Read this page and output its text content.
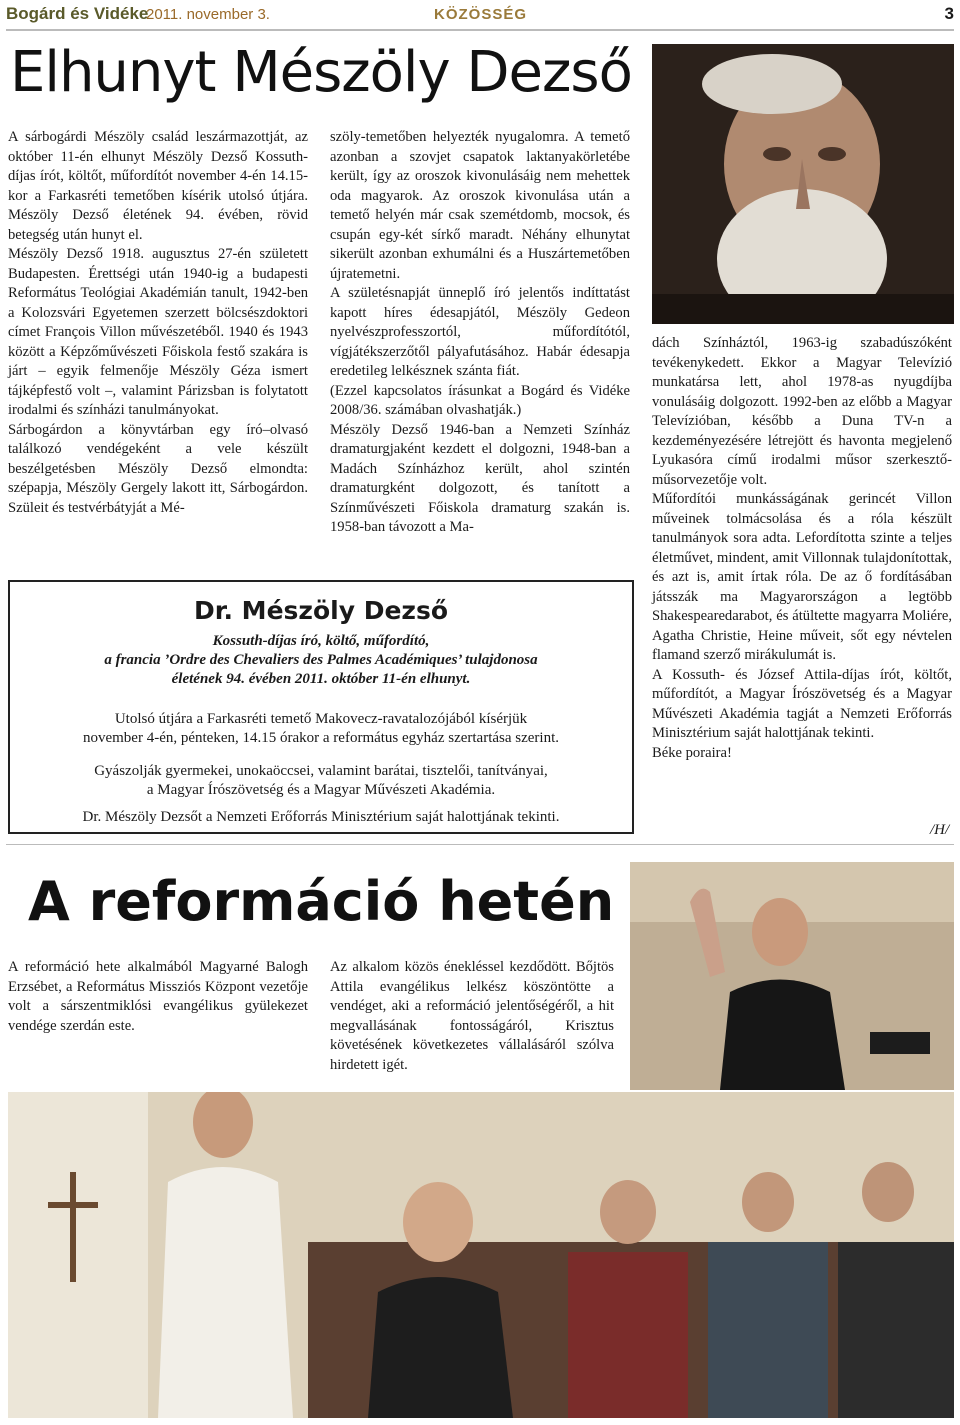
Bogárd és Vidéke
2011. november 3.	KÖZÖSSÉG	3
Elhunyt Mészöly Dezső

A sárbogárdi Mészöly család leszármazottját, az október 11-én elhunyt Mészöly Dezső Kossuth-díjas írót, költőt, műfordítót november 4-én 14.15-kor a Farkasréti temetőben kísérik utolsó útjára. Mészöly Dezső életének 94. évében, rövid betegség után hunyt el.

Mészöly Dezső 1918. augusztus 27-én született Budapesten. Érettségi után 1940-ig a budapesti Református Teológiai Akadémián tanult, 1942-ben a Kolozsvári Egyetemen szerzett bölcsészdoktori címet François Villon művészetéből. 1940 és 1943 között a Képzőművészeti Főiskola festő szakára is járt – egyik felmenője Mészöly Géza ismert tájképfestő volt –, valamint Párizsban is folytatott irodalmi és színházi tanulmányokat.

Sárbogárdon a könyvtárban egy író–olvasó találkozó vendégeként a vele készült beszélgetésben Mészöly Dezső elmondta: szépapja, Mészöly Gergely lakott itt, Sárbogárdon. Szüleit és testvérbátyját a Mé-

szöly-temetőben helyezték nyugalomra. A temető azonban a szovjet csapatok laktanyakörletébe került, így az oroszok kivonulásáig nem mehettek oda magyarok. Az oroszok kivonulása után a temető helyén már csak szemétdomb, mocsok, és csupán egy-két sírkő maradt. Néhány elhunytat sikerült azonban exhumálni és a Huszártemetőben újratemetni.

A születésnapját ünneplő író jelentős indíttatást kapott híres édesapjától, Mészöly Gedeon nyelvészprofesszortól, műfordítótól, vígjátékszerzőtől pályafutásához. Habár édesapja eredetileg lelkésznek szánta fiát.

(Ezzel kapcsolatos írásunkat a Bogárd és Vidéke 2008/36. számában olvashatják.)

Mészöly Dezső 1946-ban a Nemzeti Színház dramaturgjaként kezdett el dolgozni, 1948-ban a Madách Színházhoz került, ahol szintén dramaturgként dolgozott, és tanított a Színművészeti Főiskola dramaturg szakán is. 1958-ban távozott a Ma-

dách Színháztól, 1963-ig szabadúszóként tevékenykedett. Ekkor a Magyar Televízió munkatársa lett, ahol 1978-as nyugdíjba vonulásáig dolgozott. 1992-ben az előbb a Magyar Televízióban, később a Duna TV-n a kezdeményezésére létrejött és havonta megjelenő Lyukasóra című irodalmi műsor szerkesztő-műsorvezetője volt.

Műfordítói munkásságának gerincét Villon műveinek tolmácsolása és a róla készült tanulmányok sora adta. Lefordította szinte a teljes életművet, mindent, amit Villonnak tulajdonítottak, és azt is, amit írtak róla. De az ő fordításában játsszák ma Magyarországon a legtöbb Shakespearedarabot, és átültette magyarra Moliére, Agatha Christie, Heine műveit, sőt egy névtelen flamand szerző mirákulumát is.

A Kossuth- és József Attila-díjas írót, költőt, műfordítót, a Magyar Írószövetség és a Magyar Művészeti Akadémia tagját a Nemzeti Erőforrás Minisztérium saját halottjának tekinti.

Béke poraira!

/H/
Dr. Mészöly Dezső
Kossuth-díjas író, költő, műfordító,
a francia ’Ordre des Chevaliers des Palmes Académiques’ tulajdonosa
életének 94. évében 2011. október 11-én elhunyt.
Utolsó útjára a Farkasréti temető Makovecz-ravatalozójából kísérjük
november 4-én, pénteken, 14.15 órakor a református egyház szertartása szerint.
Gyászolják gyermekei, unokaöccsei, valamint barátai, tisztelői, tanítványai,
a Magyar Írószövetség és a Magyar Művészeti Akadémia.
Dr. Mészöly Dezsőt a Nemzeti Erőforrás Minisztérium saját halottjának tekinti.
A reformáció hetén

A reformáció hete alkalmából Magyarné Balogh Erzsébet, a Református Missziós Központ vezetője volt a sárszentmiklósi evangélikus gyülekezet vendége szerdán este.

Az alkalom közös énekléssel kezdődött. Bőjtös Attila evangélikus lelkész köszöntötte a vendéget, aki a reformáció jelentőségéről, a hit megvallásának fontosságáról, Krisztus követésének következetes vállalásáról szólva hirdetett igét.
